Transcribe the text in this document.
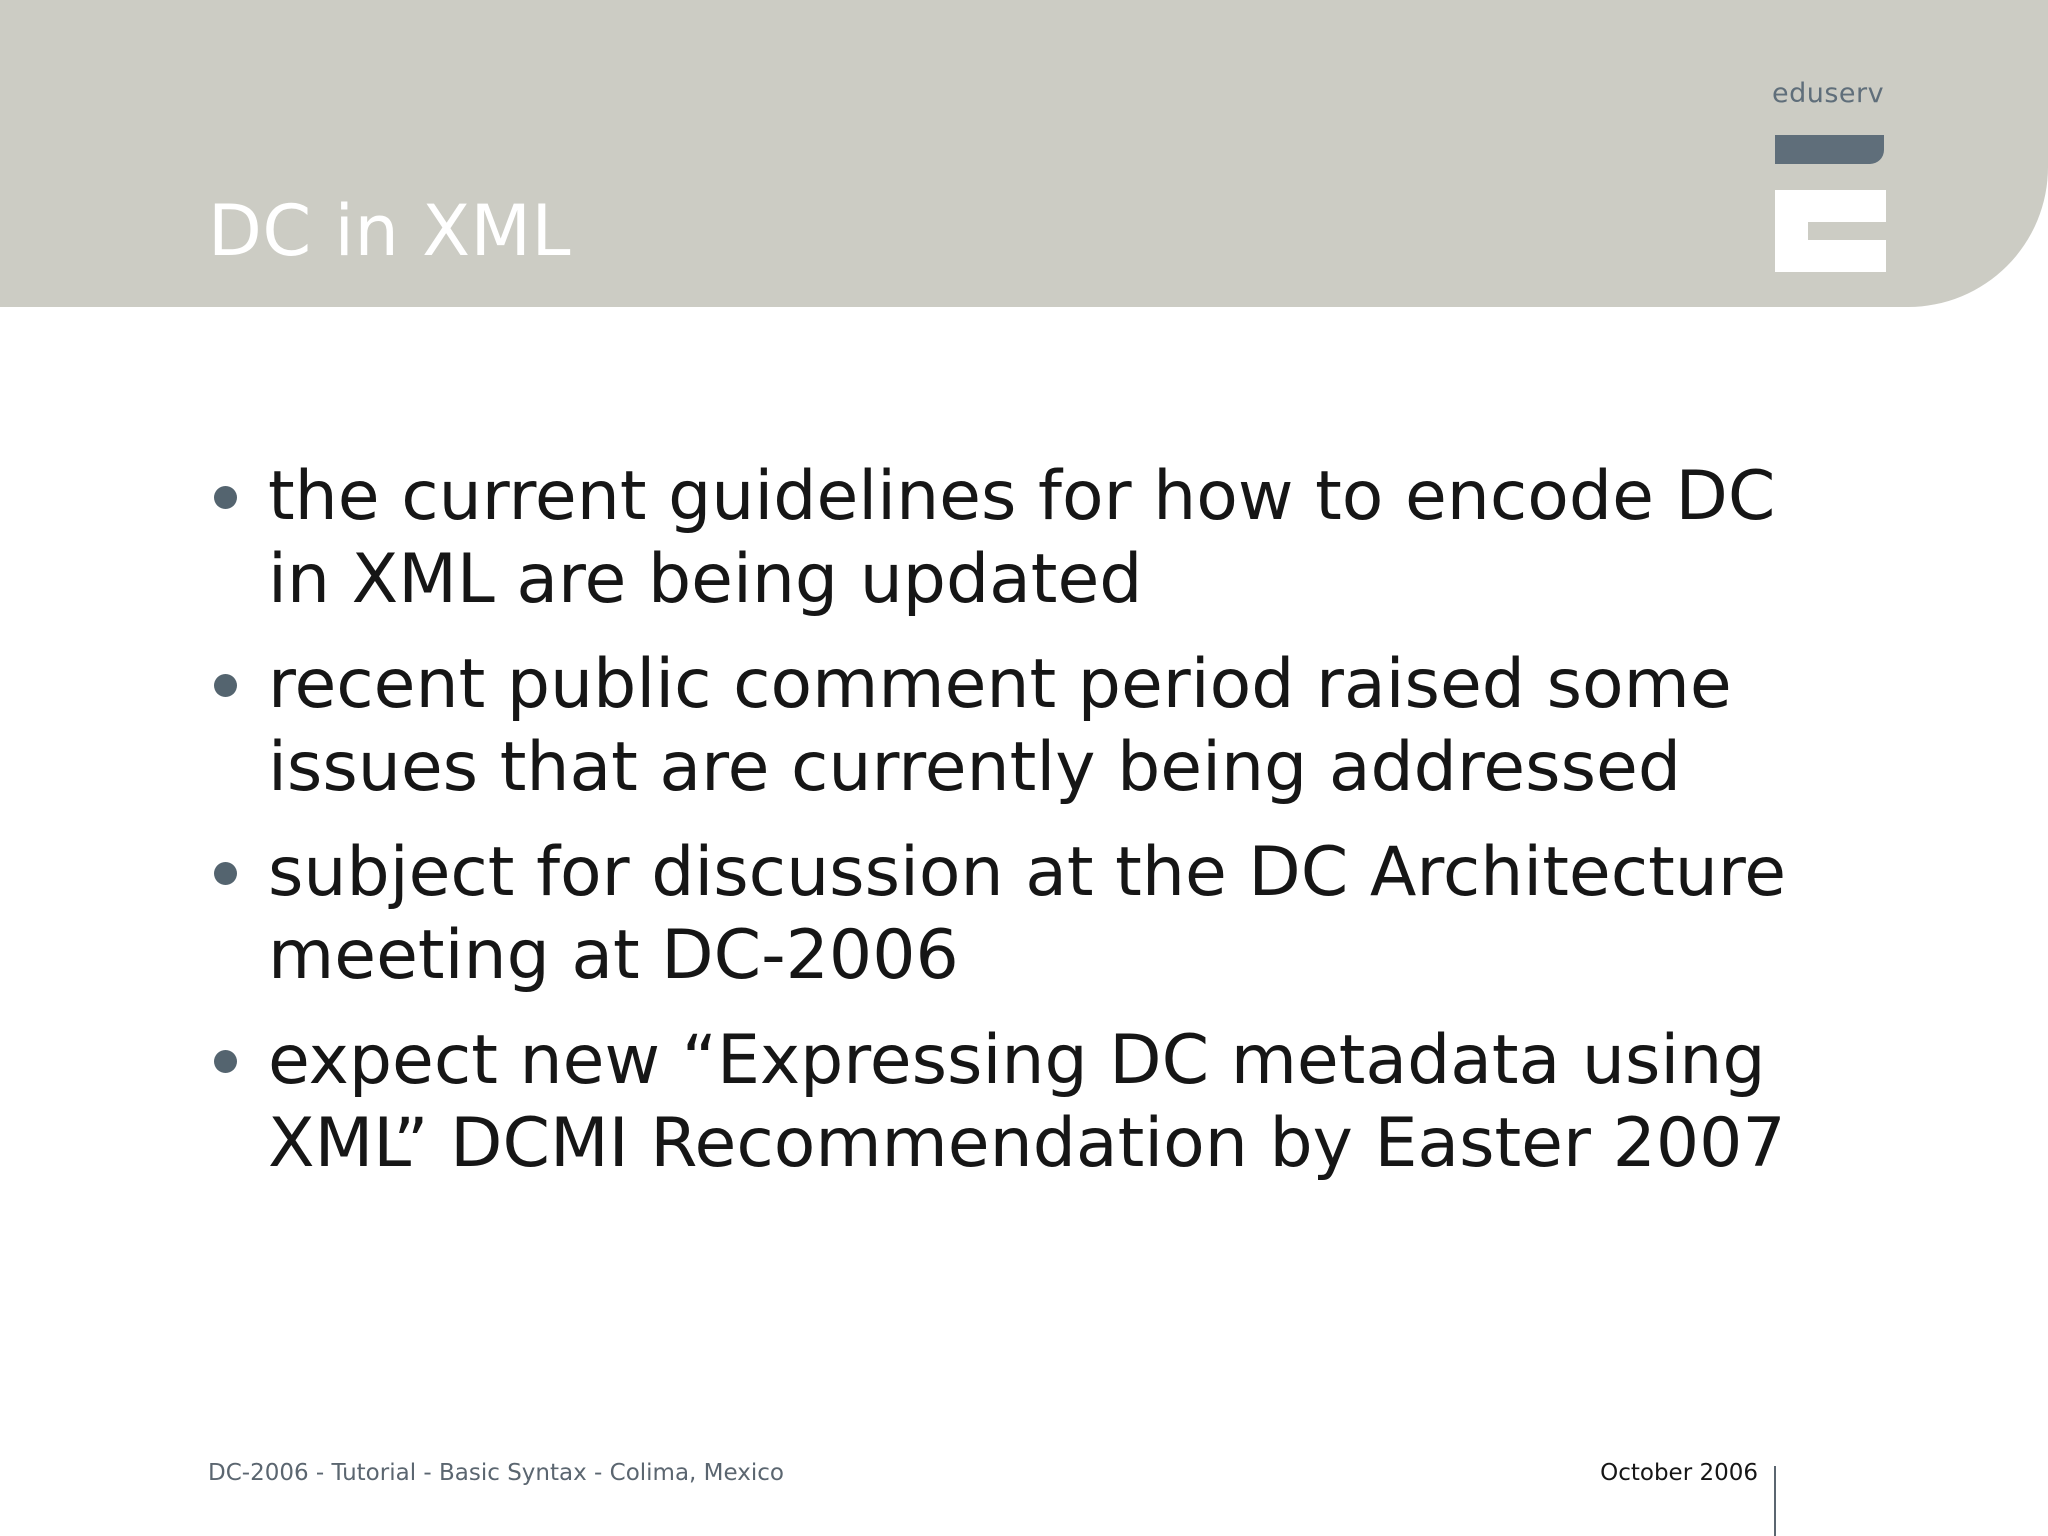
DC in XML
eduserv
the current guidelines for how to encode DC in XML are being updated
recent public comment period raised some issues that are currently being addressed
subject for discussion at the DC Architecture meeting at DC-2006
expect new “Expressing DC metadata using XML” DCMI Recommendation by Easter 2007
DC-2006 - Tutorial - Basic Syntax - Colima, Mexico	October 2006
